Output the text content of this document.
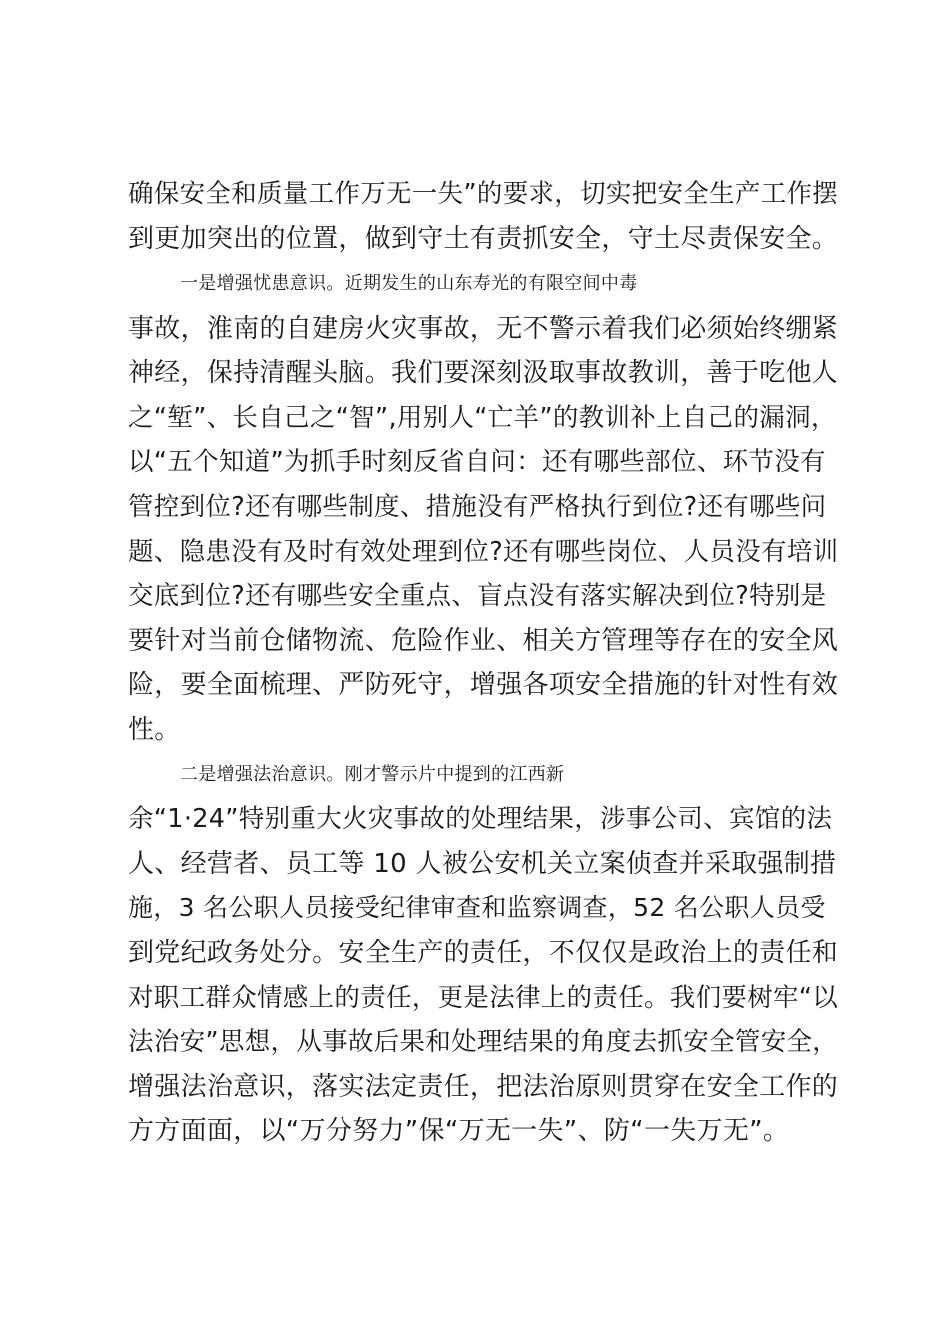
确保安全和质量工作万无一失”的要求，切实把安全生产工作摆
到更加突出的位置，做到守土有责抓安全，守土尽责保安全。
一是增强忧患意识。近期发生的山东寿光的有限空间中毒
事故，淮南的自建房火灾事故，无不警示着我们必须始终绷紧
神经，保持清醒头脑。我们要深刻汲取事故教训，善于吃他人
之“堑”、长自己之“智”,用别人“亡羊”的教训补上自己的漏洞，
以“五个知道”为抓手时刻反省自问：还有哪些部位、环节没有
管控到位?还有哪些制度、措施没有严格执行到位?还有哪些问
题、隐患没有及时有效处理到位?还有哪些岗位、人员没有培训
交底到位?还有哪些安全重点、盲点没有落实解决到位?特别是
要针对当前仓储物流、危险作业、相关方管理等存在的安全风
险，要全面梳理、严防死守，增强各项安全措施的针对性有效
性。
二是增强法治意识。刚才警示片中提到的江西新
余“1·24”特别重大火灾事故的处理结果，涉事公司、宾馆的法
人、经营者、员工等 10 人被公安机关立案侦查并采取强制措
施，3 名公职人员接受纪律审查和监察调查，52 名公职人员受
到党纪政务处分。安全生产的责任，不仅仅是政治上的责任和
对职工群众情感上的责任，更是法律上的责任。我们要树牢“以
法治安”思想，从事故后果和处理结果的角度去抓安全管安全，
增强法治意识，落实法定责任，把法治原则贯穿在安全工作的
方方面面，以“万分努力”保“万无一失”、防“一失万无”。
